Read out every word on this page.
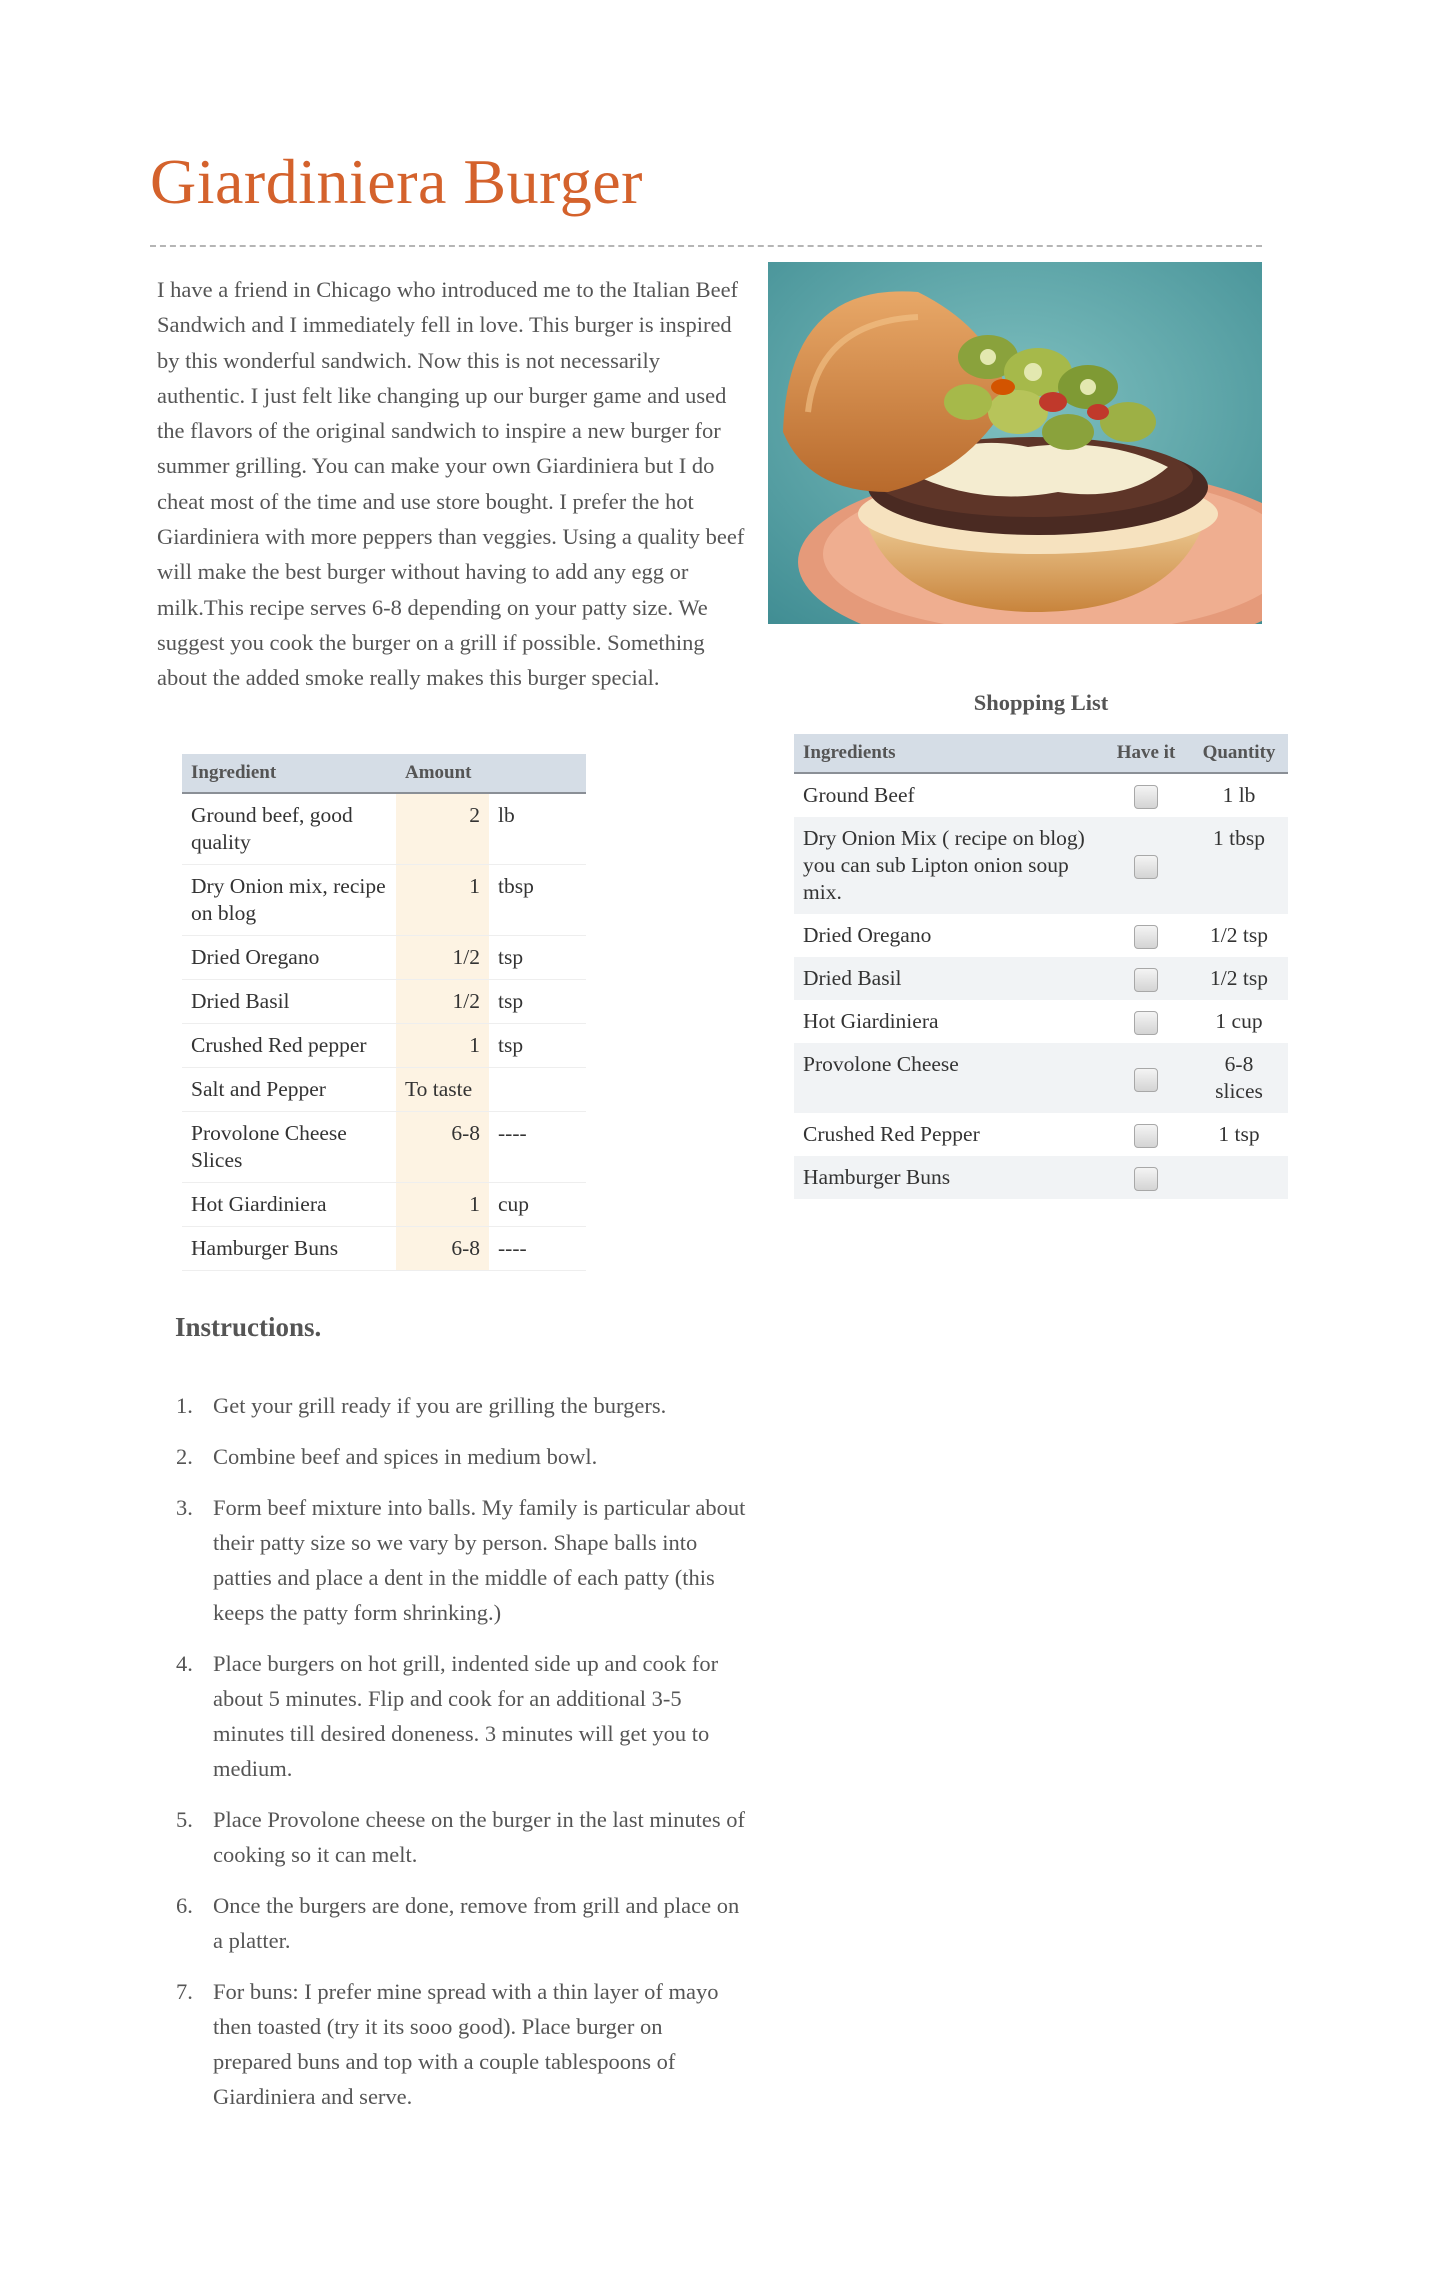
Giardiniera Burger

I have a friend in Chicago who introduced me to the Italian Beef Sandwich and I immediately fell in love. This burger is inspired by this wonderful sandwich. Now this is not necessarily authentic. I just felt like changing up our burger game and used the flavors of the original sandwich to inspire a new burger for summer grilling. You can make your own Giardiniera but I do cheat most of the time and use store bought. I prefer the hot Giardiniera with more peppers than veggies. Using a quality beef will make the best burger without having to add any egg or milk.This recipe serves 6-8 depending on your patty size. We suggest you cook the burger on a grill if possible. Something about the added smoke really makes this burger special.

Ingredient	Amount	
Ground beef, good quality	2	lb
Dry Onion mix, recipe on blog	1	tbsp
Dried Oregano	1/2	tsp
Dried Basil	1/2	tsp
Crushed Red pepper	1	tsp
Salt and Pepper	To taste	
Provolone Cheese Slices	6-8	----
Hot Giardiniera	1	cup
Hamburger Buns	6-8	----
Shopping List
Ingredients	Have it	Quantity
Ground Beef		1 lb
Dry Onion Mix ( recipe on blog) you can sub Lipton onion soup mix.		1 tbsp
Dried Oregano		1/2 tsp
Dried Basil		1/2 tsp
Hot Giardiniera		1 cup
Provolone Cheese		6-8 slices
Crushed Red Pepper		1 tsp
Hamburger Buns		
Instructions.
1. Get your grill ready if you are grilling the burgers.
2. Combine beef and spices in medium bowl.
3. Form beef mixture into balls. My family is particular about their patty size so we vary by person. Shape balls into patties and place a dent in the middle of each patty (this keeps the patty form shrinking.)
4. Place burgers on hot grill, indented side up and cook for about 5 minutes. Flip and cook for an additional 3-5 minutes till desired doneness. 3 minutes will get you to medium.
5. Place Provolone cheese on the burger in the last minutes of cooking so it can melt.
6. Once the burgers are done, remove from grill and place on a platter.
7. For buns: I prefer mine spread with a thin layer of mayo then toasted (try it its sooo good). Place burger on prepared buns and top with a couple tablespoons of Giardiniera and serve.
